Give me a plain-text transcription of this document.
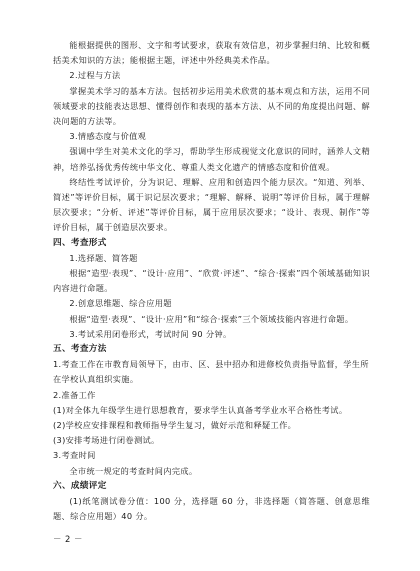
能根据提供的图形、文字和考试要求，获取有效信息，初步掌握归纳、比较和概括美术知识的方法；能根据主题，评述中外经典美术作品。

2.过程与方法

掌握美术学习的基本方法。包括初步运用美术欣赏的基本观点和方法，运用不同领域要求的技能表达思想、懂得创作和表现的基本方法、从不同的角度提出问题、解决问题的方法等。

3.情感态度与价值观

强调中学生对美术文化的学习，帮助学生形成视觉文化意识的同时，涵养人文精神，培养弘扬优秀传统中华文化、尊重人类文化遗产的情感态度和价值观。

终结性考试评价，分为识记、理解、应用和创造四个能力层次。“知道、列举、简述”等评价目标，属于识记层次要求；“理解、解释、说明”等评价目标，属于理解层次要求；“分析、评述”等评价目标，属于应用层次要求；“设计、表现、制作”等评价目标，属于创造层次要求。

四、考查形式

1.选择题、简答题

根据“造型·表现”、“设计·应用”、“欣赏·评述”、“综合·探索”四个领域基础知识内容进行命题。

2.创意思维题、综合应用题

根据“造型·表现”、“设计·应用”和“综合·探索”三个领域技能内容进行命题。

3.考试采用闭卷形式，考试时间 90 分钟。

五、考查方法

1.考查工作在市教育局领导下，由市、区、县中招办和进修校负责指导监督，学生所在学校认真组织实施。

2.准备工作

(1)对全体九年级学生进行思想教育，要求学生认真备考学业水平合格性考试。

(2)学校应安排课程和教师指导学生复习，做好示范和释疑工作。

(3)安排考场进行闭卷测试。

3.考查时间

全市统一规定的考查时间内完成。

六、成绩评定

(1)纸笔测试卷分值：100 分，选择题 60 分，非选择题（简答题、创意思维题、综合应用题）40 分。

－ 2 －
